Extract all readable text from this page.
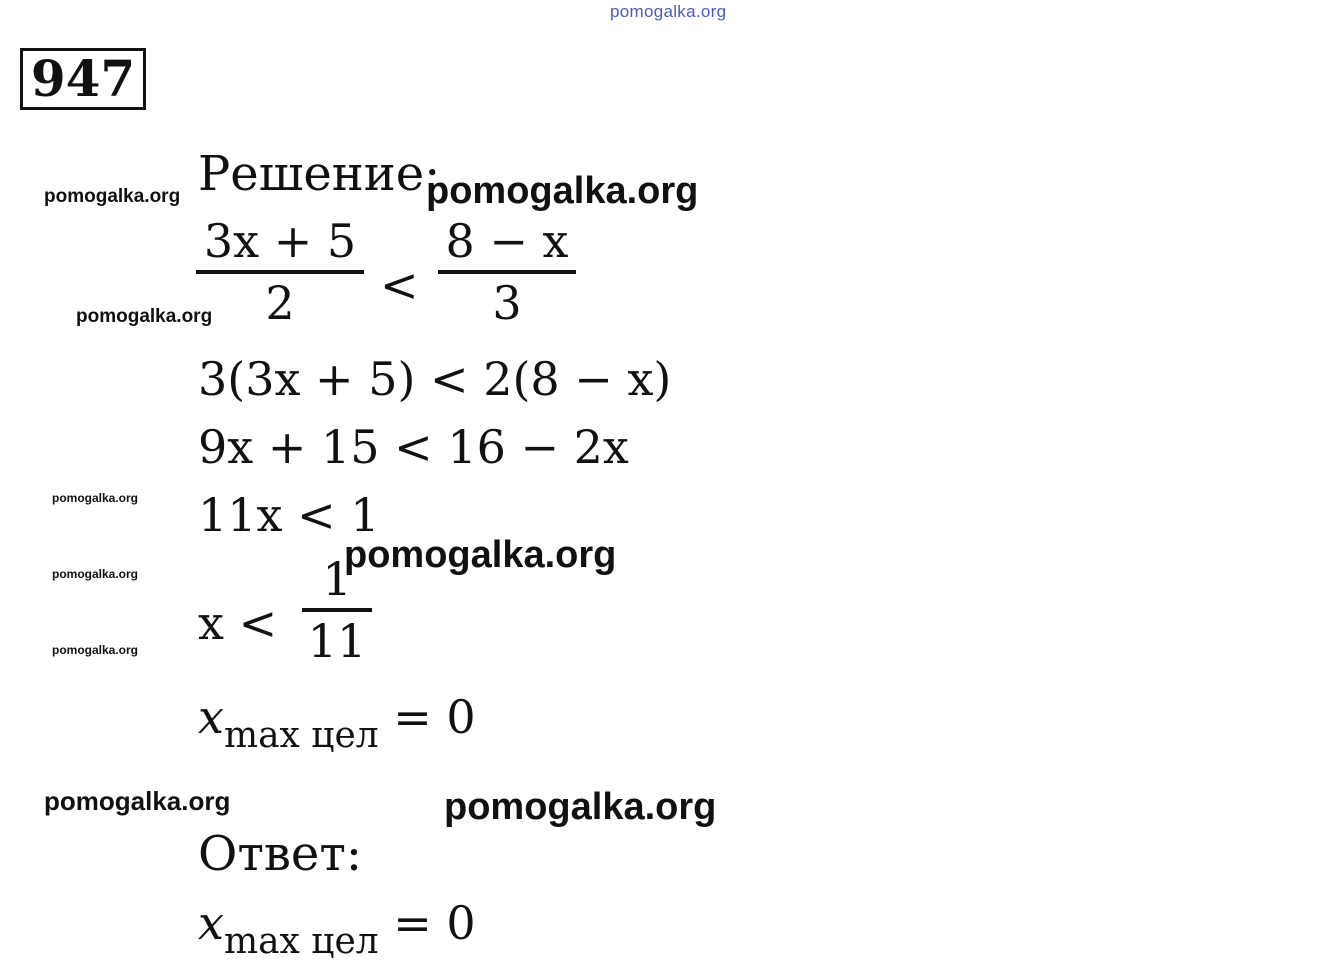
pomogalka.org
pomogalka.org	pomogalka.org
pomogalka.org
pomogalka.org
pomogalka.org
pomogalka.org
pomogalka.org
pomogalka.org	pomogalka.org
947
Решение:
3x + 5
2	<
8 − x
3
3(3x + 5) < 2(8 − x)
9x + 15 < 16 − 2x
11x < 1
x <
1
11
$x_{max цел} = 0$
Ответ:
$x_{max цел} = 0$
